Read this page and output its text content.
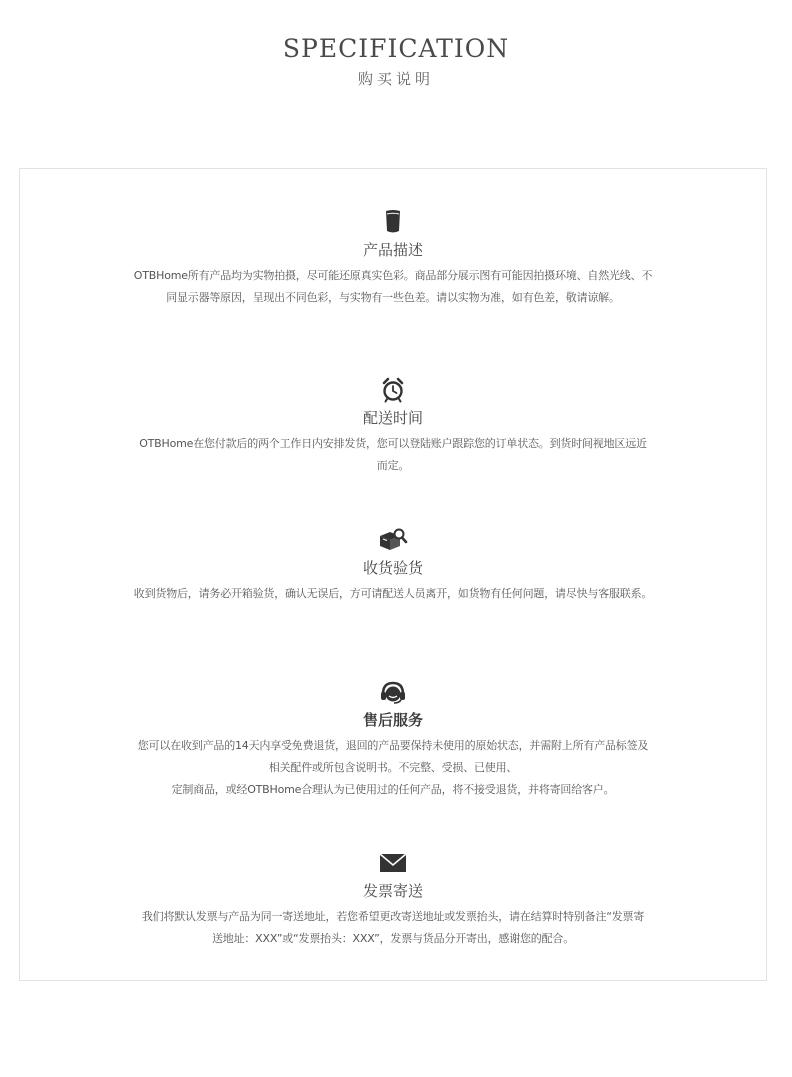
SPECIFICATION
购买说明
产品描述
OTBHome所有产品均为实物拍摄，尽可能还原真实色彩。商品部分展示图有可能因拍摄环境、自然光线、不
同显示器等原因，呈现出不同色彩，与实物有一些色差。请以实物为准，如有色差，敬请谅解。
配送时间
OTBHome在您付款后的两个工作日内安排发货，您可以登陆账户跟踪您的订单状态。到货时间视地区远近
而定。
收货验货
收到货物后，请务必开箱验货，确认无误后，方可请配送人员离开，如货物有任何问题，请尽快与客服联系。
售后服务
您可以在收到产品的14天内享受免费退货，退回的产品要保持未使用的原始状态，并需附上所有产品标签及
相关配件或所包含说明书。不完整、受损、已使用、
定制商品，或经OTBHome合理认为已使用过的任何产品，将不接受退货，并将寄回给客户。
发票寄送
我们将默认发票与产品为同一寄送地址，若您希望更改寄送地址或发票抬头，请在结算时特别备注“发票寄
送地址：XXX”或“发票抬头：XXX”，发票与货品分开寄出，感谢您的配合。
